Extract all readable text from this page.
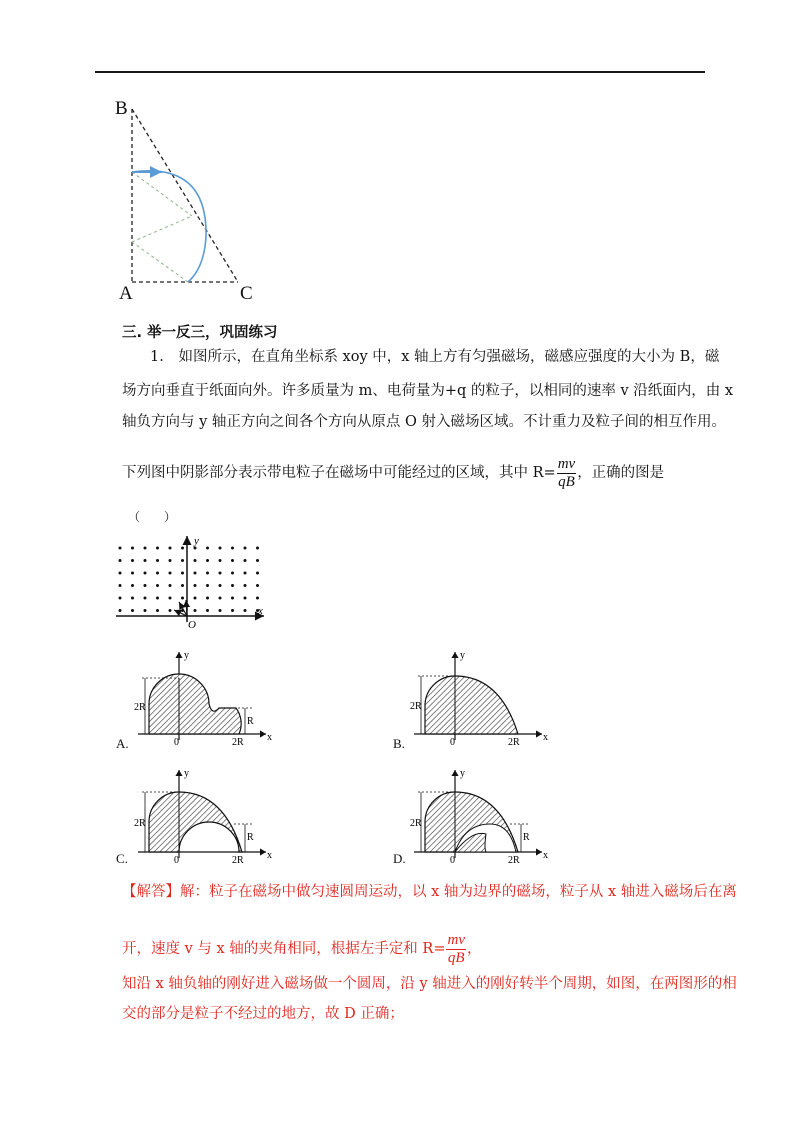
B
A	C
三. 举一反三，巩固练习
1. 如图所示，在直角坐标系 xoy 中，x 轴上方有匀强磁场，磁感应强度的大小为 B，磁
场方向垂直于纸面向外。许多质量为 m、电荷量为+q 的粒子，以相同的速率 v 沿纸面内，由 x
轴负方向与 y 轴正方向之间各个方向从原点 O 射入磁场区域。不计重力及粒子间的相互作用。
下列图中阴影部分表示带电粒子在磁场中可能经过的区域，其中 $R= \frac{mv}{qB}$ ，正确的图是
（　　）
y
x
O
A.
y
x
0	2R
2R
R
B.
y
x
0	2R
2R
C.
y
x
0	2R
2R
R
D.
y
x
0	2R
2R
R
【解答】解：粒子在磁场中做匀速圆周运动，以 x 轴为边界的磁场，粒子从 x 轴进入磁场后在离
开，速度 v 与 x 轴的夹角相同，根据左手定和 $R= \frac{mv}{qB}$ ，
知沿 x 轴负轴的刚好进入磁场做一个圆周，沿 y 轴进入的刚好转半个周期，如图，在两图形的相
交的部分是粒子不经过的地方，故 D 正确；
